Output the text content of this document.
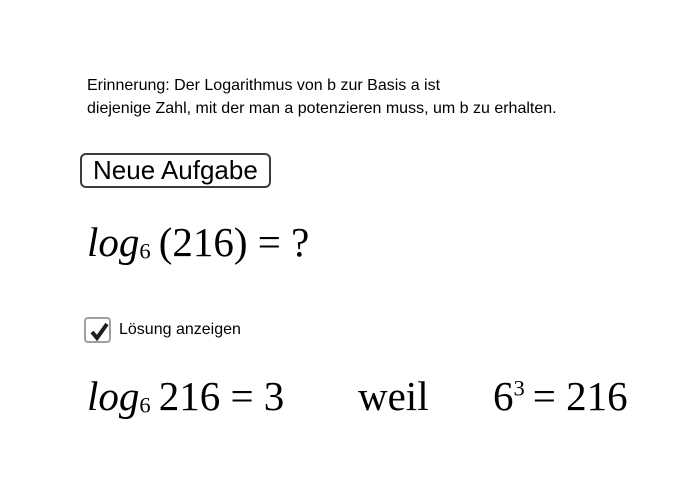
Erinnerung: Der Logarithmus von b zur Basis a ist
diejenige Zahl, mit der man a potenzieren muss, um b zu erhalten.
Neue Aufgabe
log6 (216) = ?
Lösung anzeigen
log6 216 = 3 weil $6^3 = 216$
